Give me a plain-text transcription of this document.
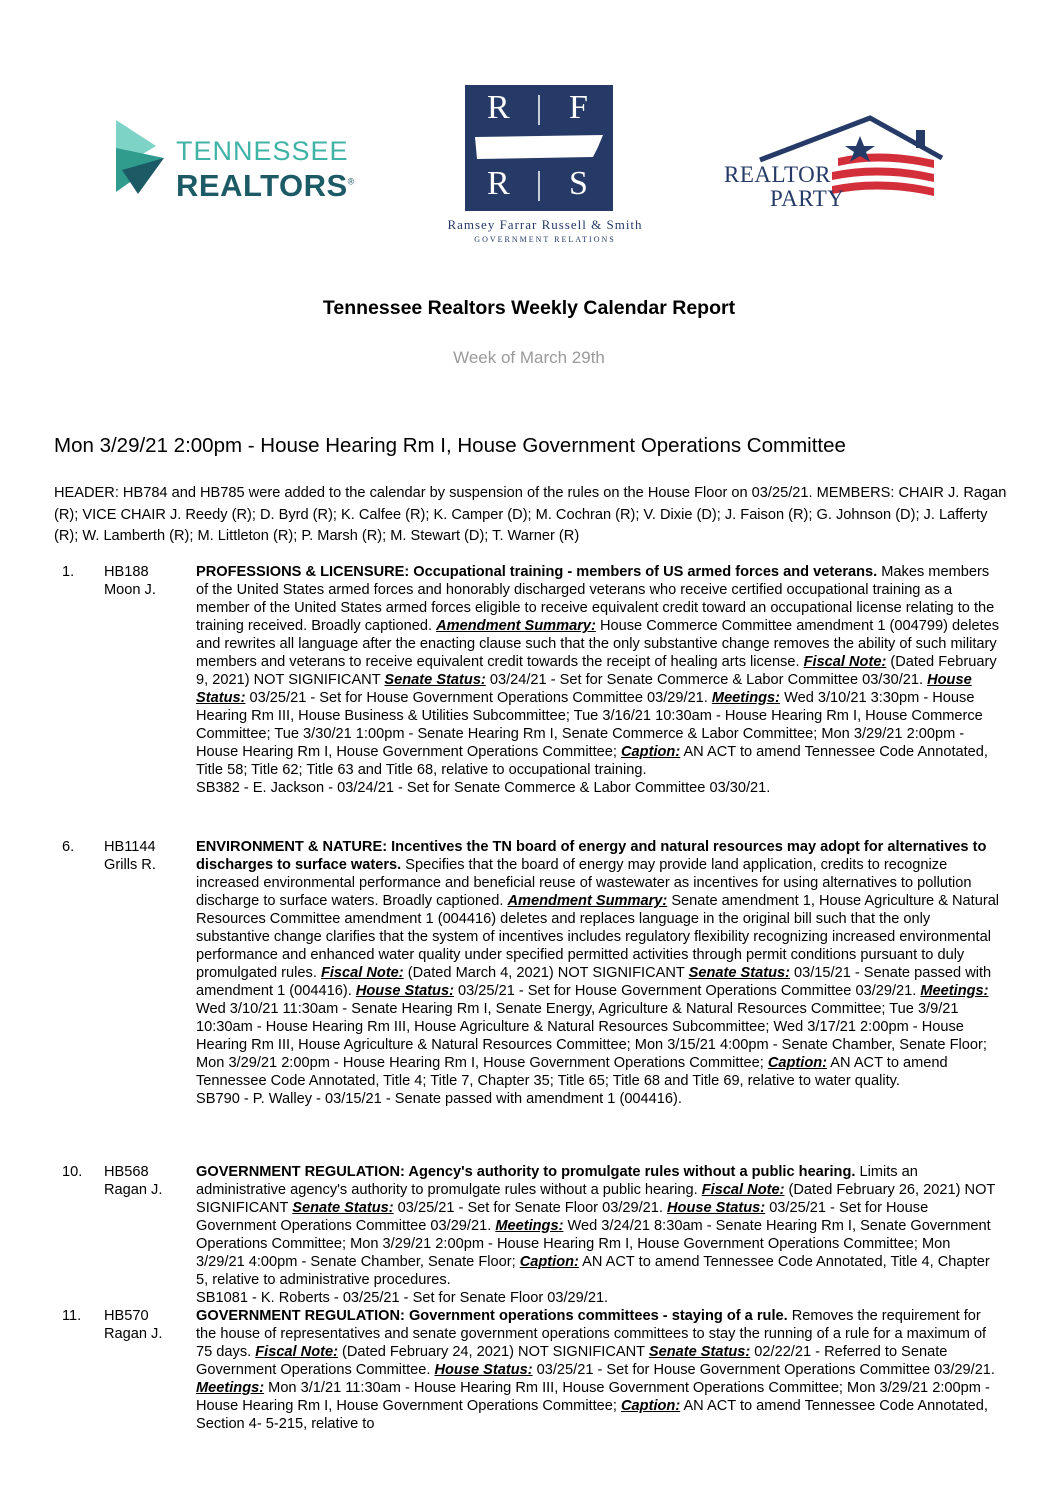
TENNESSEE
REALTORS®
R F
R S
Ramsey Farrar Russell & Smith
GOVERNMENT RELATIONS
REALTOR
PARTY
Tennessee Realtors Weekly Calendar Report
Week of March 29th
Mon 3/29/21 2:00pm - House Hearing Rm I, House Government Operations Committee
HEADER: HB784 and HB785 were added to the calendar by suspension of the rules on the House Floor on 03/25/21. MEMBERS: CHAIR J. Ragan (R); VICE CHAIR J. Reedy (R); D. Byrd (R); K. Calfee (R); K. Camper (D); M. Cochran (R); V. Dixie (D); J. Faison (R); G. Johnson (D); J. Lafferty (R); W. Lamberth (R); M. Littleton (R); P. Marsh (R); M. Stewart (D); T. Warner (R)
1. HB188
Moon J.
PROFESSIONS & LICENSURE: Occupational training - members of US armed forces and veterans. Makes members of the United States armed forces and honorably discharged veterans who receive certified occupational training as a member of the United States armed forces eligible to receive equivalent credit toward an occupational license relating to the training received. Broadly captioned. Amendment Summary: House Commerce Committee amendment 1 (004799) deletes and rewrites all language after the enacting clause such that the only substantive change removes the ability of such military members and veterans to receive equivalent credit towards the receipt of healing arts license. Fiscal Note: (Dated February 9, 2021) NOT SIGNIFICANT Senate Status: 03/24/21 - Set for Senate Commerce & Labor Committee 03/30/21. House Status: 03/25/21 - Set for House Government Operations Committee 03/29/21. Meetings: Wed 3/10/21 3:30pm - House Hearing Rm III, House Business & Utilities Subcommittee; Tue 3/16/21 10:30am - House Hearing Rm I, House Commerce Committee; Tue 3/30/21 1:00pm - Senate Hearing Rm I, Senate Commerce & Labor Committee; Mon 3/29/21 2:00pm - House Hearing Rm I, House Government Operations Committee; Caption: AN ACT to amend Tennessee Code Annotated, Title 58; Title 62; Title 63 and Title 68, relative to occupational training.
SB382 - E. Jackson - 03/24/21 - Set for Senate Commerce & Labor Committee 03/30/21.
6. HB1144
Grills R.
ENVIRONMENT & NATURE: Incentives the TN board of energy and natural resources may adopt for alternatives to discharges to surface waters. Specifies that the board of energy may provide land application, credits to recognize increased environmental performance and beneficial reuse of wastewater as incentives for using alternatives to pollution discharge to surface waters. Broadly captioned. Amendment Summary: Senate amendment 1, House Agriculture & Natural Resources Committee amendment 1 (004416) deletes and replaces language in the original bill such that the only substantive change clarifies that the system of incentives includes regulatory flexibility recognizing increased environmental performance and enhanced water quality under specified permitted activities through permit conditions pursuant to duly promulgated rules. Fiscal Note: (Dated March 4, 2021) NOT SIGNIFICANT Senate Status: 03/15/21 - Senate passed with amendment 1 (004416). House Status: 03/25/21 - Set for House Government Operations Committee 03/29/21. Meetings: Wed 3/10/21 11:30am - Senate Hearing Rm I, Senate Energy, Agriculture & Natural Resources Committee; Tue 3/9/21 10:30am - House Hearing Rm III, House Agriculture & Natural Resources Subcommittee; Wed 3/17/21 2:00pm - House Hearing Rm III, House Agriculture & Natural Resources Committee; Mon 3/15/21 4:00pm - Senate Chamber, Senate Floor; Mon 3/29/21 2:00pm - House Hearing Rm I, House Government Operations Committee; Caption: AN ACT to amend Tennessee Code Annotated, Title 4; Title 7, Chapter 35; Title 65; Title 68 and Title 69, relative to water quality.
SB790 - P. Walley - 03/15/21 - Senate passed with amendment 1 (004416).
10. HB568
Ragan J.
GOVERNMENT REGULATION: Agency's authority to promulgate rules without a public hearing. Limits an administrative agency's authority to promulgate rules without a public hearing. Fiscal Note: (Dated February 26, 2021) NOT SIGNIFICANT Senate Status: 03/25/21 - Set for Senate Floor 03/29/21. House Status: 03/25/21 - Set for House Government Operations Committee 03/29/21. Meetings: Wed 3/24/21 8:30am - Senate Hearing Rm I, Senate Government Operations Committee; Mon 3/29/21 2:00pm - House Hearing Rm I, House Government Operations Committee; Mon 3/29/21 4:00pm - Senate Chamber, Senate Floor; Caption: AN ACT to amend Tennessee Code Annotated, Title 4, Chapter 5, relative to administrative procedures.
SB1081 - K. Roberts - 03/25/21 - Set for Senate Floor 03/29/21.
11. HB570
Ragan J.
GOVERNMENT REGULATION: Government operations committees - staying of a rule. Removes the requirement for the house of representatives and senate government operations committees to stay the running of a rule for a maximum of 75 days. Fiscal Note: (Dated February 24, 2021) NOT SIGNIFICANT Senate Status: 02/22/21 - Referred to Senate Government Operations Committee. House Status: 03/25/21 - Set for House Government Operations Committee 03/29/21. Meetings: Mon 3/1/21 11:30am - House Hearing Rm III, House Government Operations Committee; Mon 3/29/21 2:00pm - House Hearing Rm I, House Government Operations Committee; Caption: AN ACT to amend Tennessee Code Annotated, Section 4- 5-215, relative to
